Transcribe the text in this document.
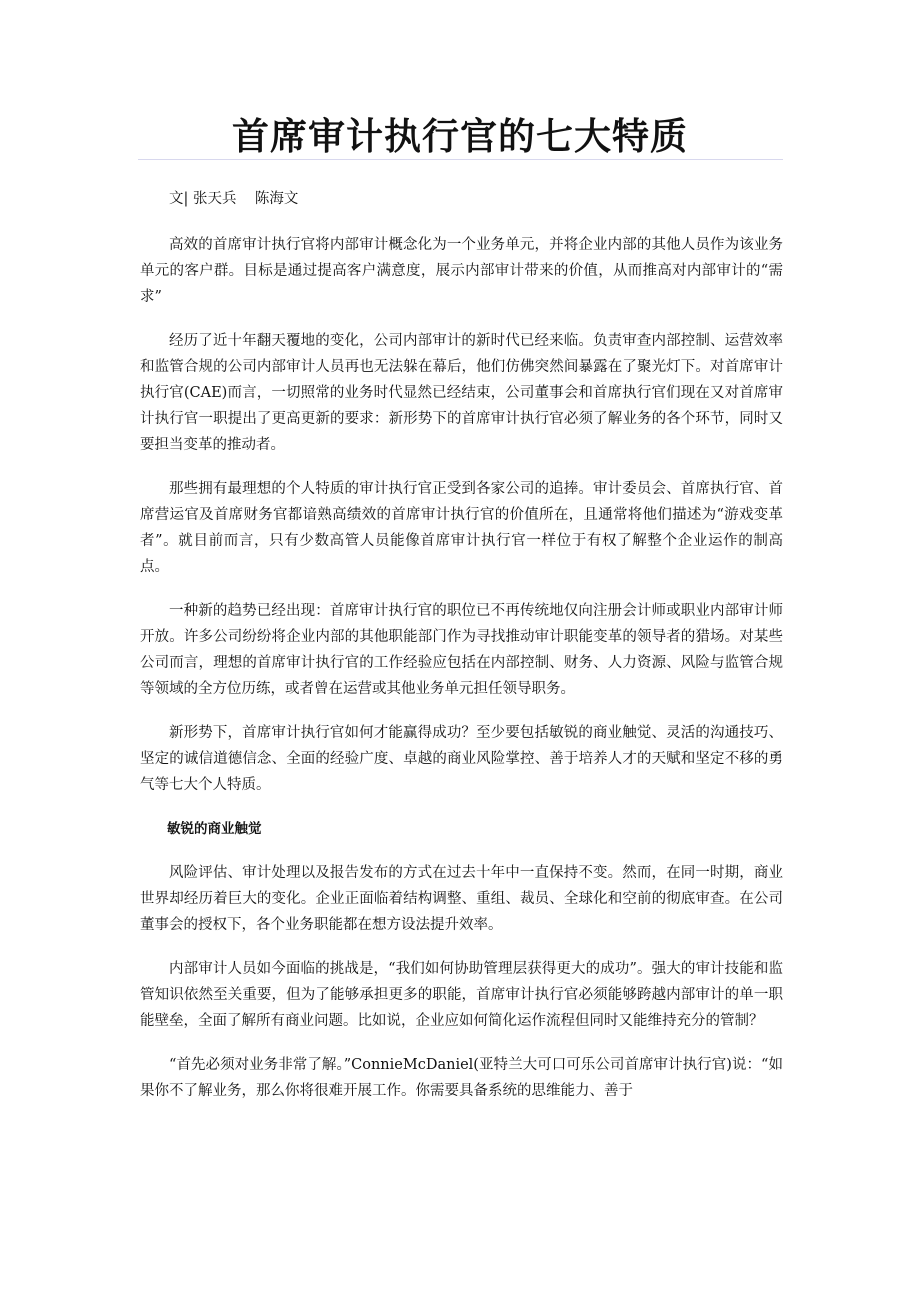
首席审计执行官的七大特质

文| 张天兵    陈海文

高效的首席审计执行官将内部审计概念化为一个业务单元，并将企业内部的其他人员作为该业务单元的客户群。目标是通过提高客户满意度，展示内部审计带来的价值，从而推高对内部审计的“需求”

经历了近十年翻天覆地的变化，公司内部审计的新时代已经来临。负责审查内部控制、运营效率和监管合规的公司内部审计人员再也无法躲在幕后，他们仿佛突然间暴露在了聚光灯下。对首席审计执行官(CAE)而言，一切照常的业务时代显然已经结束，公司董事会和首席执行官们现在又对首席审计执行官一职提出了更高更新的要求：新形势下的首席审计执行官必须了解业务的各个环节，同时又要担当变革的推动者。

那些拥有最理想的个人特质的审计执行官正受到各家公司的追捧。审计委员会、首席执行官、首席营运官及首席财务官都谙熟高绩效的首席审计执行官的价值所在，且通常将他们描述为“游戏变革者”。就目前而言，只有少数高管人员能像首席审计执行官一样位于有权了解整个企业运作的制高点。

一种新的趋势已经出现：首席审计执行官的职位已不再传统地仅向注册会计师或职业内部审计师开放。许多公司纷纷将企业内部的其他职能部门作为寻找推动审计职能变革的领导者的猎场。对某些公司而言，理想的首席审计执行官的工作经验应包括在内部控制、财务、人力资源、风险与监管合规等领域的全方位历练，或者曾在运营或其他业务单元担任领导职务。

新形势下，首席审计执行官如何才能赢得成功？至少要包括敏锐的商业触觉、灵活的沟通技巧、坚定的诚信道德信念、全面的经验广度、卓越的商业风险掌控、善于培养人才的天赋和坚定不移的勇气等七大个人特质。

敏锐的商业触觉

风险评估、审计处理以及报告发布的方式在过去十年中一直保持不变。然而，在同一时期，商业世界却经历着巨大的变化。企业正面临着结构调整、重组、裁员、全球化和空前的彻底审查。在公司董事会的授权下，各个业务职能都在想方设法提升效率。

内部审计人员如今面临的挑战是，“我们如何协助管理层获得更大的成功”。强大的审计技能和监管知识依然至关重要，但为了能够承担更多的职能，首席审计执行官必须能够跨越内部审计的单一职能壁垒，全面了解所有商业问题。比如说，企业应如何简化运作流程但同时又能维持充分的管制？

“首先必须对业务非常了解。”ConnieMcDaniel(亚特兰大可口可乐公司首席审计执行官)说：“如果你不了解业务，那么你将很难开展工作。你需要具备系统的思维能力、善于
